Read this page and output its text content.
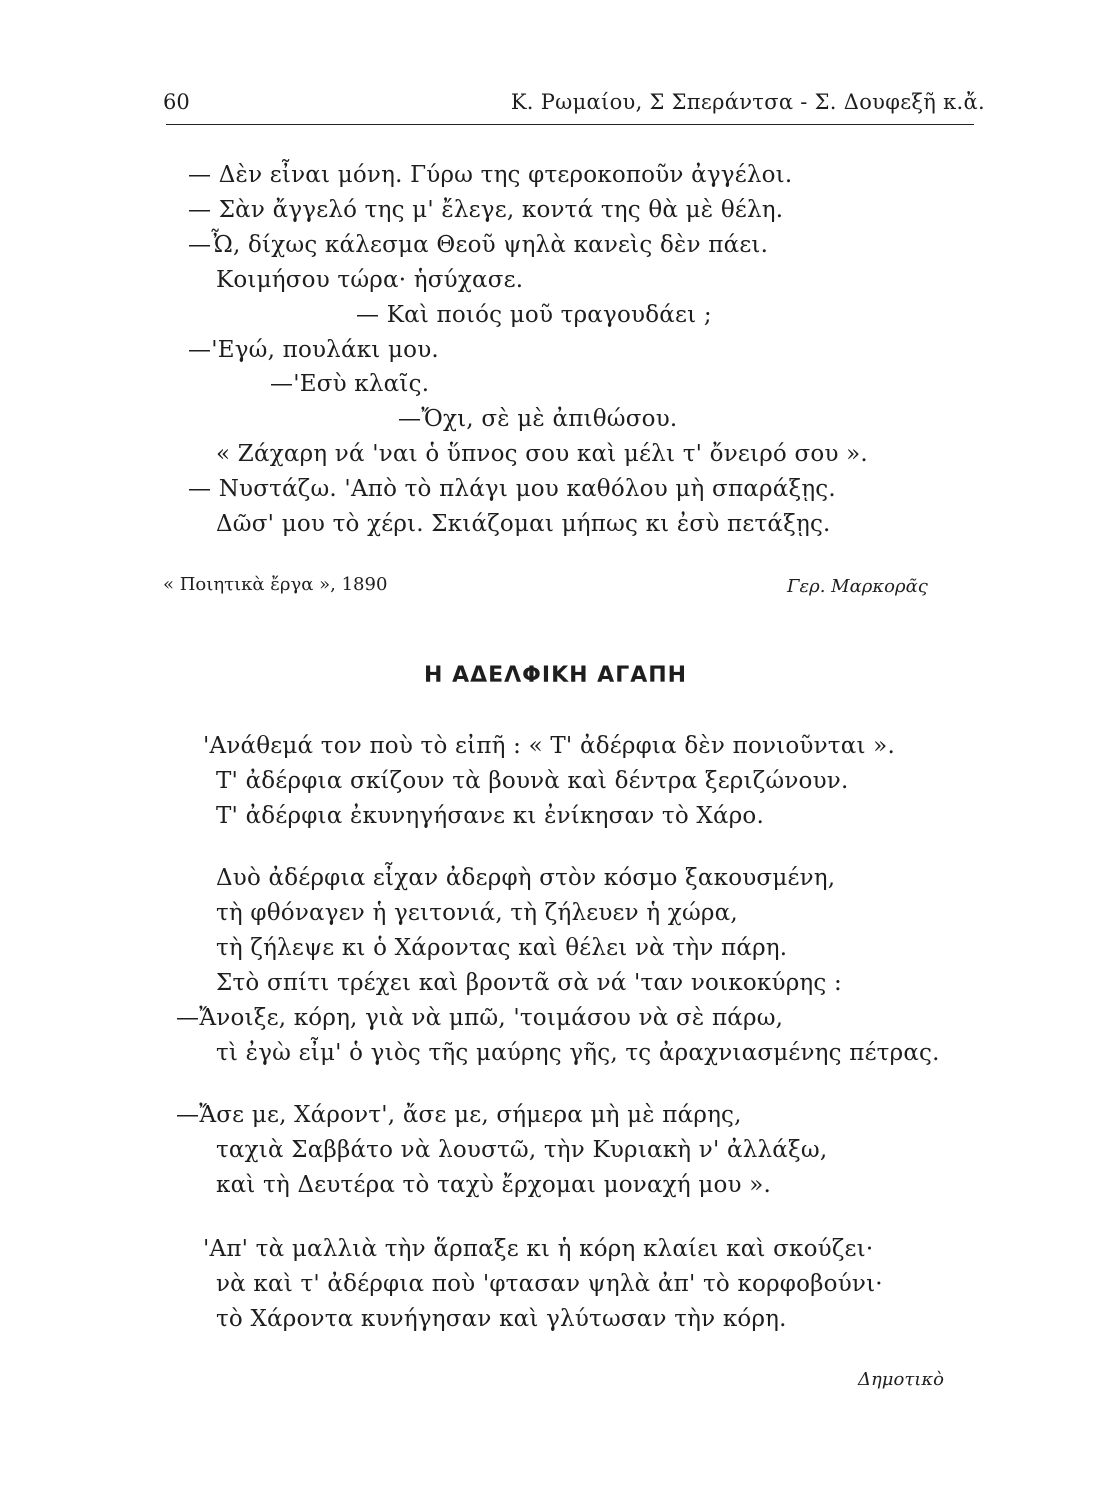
60	Κ. Ρωμαίου, Σ Σπεράντσα - Σ. Δουφεξῆ κ.ἄ.
— Δὲν εἶναι μόνη. Γύρω της φτεροκοποῦν ἀγγέλοι.
— Σὰν ἄγγελό της μ' ἔλεγε, κοντά της θὰ μὲ θέλη.
—Ὦ, δίχως κάλεσμα Θεοῦ ψηλὰ κανεὶς δὲν πάει.
Κοιμήσου τώρα· ἡσύχασε.
— Καὶ ποιός μοῦ τραγουδάει ;
—'Εγώ, πουλάκι μου.
—'Εσὺ κλαῖς.
—Ὄχι, σὲ μὲ ἀπιθώσου.
« Ζάχαρη νά 'ναι ὁ ὕπνος σου καὶ μέλι τ' ὄνειρό σου ».
— Νυστάζω. 'Απὸ τὸ πλάγι μου καθόλου μὴ σπαράξῃς.
Δῶσ' μου τὸ χέρι. Σκιάζομαι μήπως κι ἐσὺ πετάξῃς.
« Ποιητικὰ ἔργα », 1890	Γερ. Μαρκορᾶς
Η ΑΔΕΛΦΙΚΗ ΑΓΑΠΗ
'Ανάθεμά τον ποὺ τὸ εἰπῆ : « Τ' ἀδέρφια δὲν πονιοῦνται ».
Τ' ἀδέρφια σκίζουν τὰ βουνὰ καὶ δέντρα ξεριζώνουν.
Τ' ἀδέρφια ἐκυνηγήσανε κι ἐνίκησαν τὸ Χάρο.
Δυὸ ἀδέρφια εἶχαν ἀδερφὴ στὸν κόσμο ξακουσμένη,
τὴ φθόναγεν ἡ γειτονιά, τὴ ζήλευεν ἡ χώρα,
τὴ ζήλεψε κι ὁ Χάροντας καὶ θέλει νὰ τὴν πάρη.
Στὸ σπίτι τρέχει καὶ βροντᾶ σὰ νά 'ταν νοικοκύρης :
—Ἄνοιξε, κόρη, γιὰ νὰ μπῶ, 'τοιμάσου νὰ σὲ πάρω,
τὶ ἐγὼ εἶμ' ὁ γιὸς τῆς μαύρης γῆς, τς ἀραχνιασμένης πέτρας.
—Ἄσε με, Χάροντ', ἄσε με, σήμερα μὴ μὲ πάρης,
ταχιὰ Σαββάτο νὰ λουστῶ, τὴν Κυριακὴ ν' ἀλλάξω,
καὶ τὴ Δευτέρα τὸ ταχὺ ἔρχομαι μοναχή μου ».
'Απ' τὰ μαλλιὰ τὴν ἅρπαξε κι ἡ κόρη κλαίει καὶ σκούζει·
νὰ καὶ τ' ἀδέρφια ποὺ 'φτασαν ψηλὰ ἀπ' τὸ κορφοβούνι·
τὸ Χάροντα κυνήγησαν καὶ γλύτωσαν τὴν κόρη.
Δημοτικὸ
